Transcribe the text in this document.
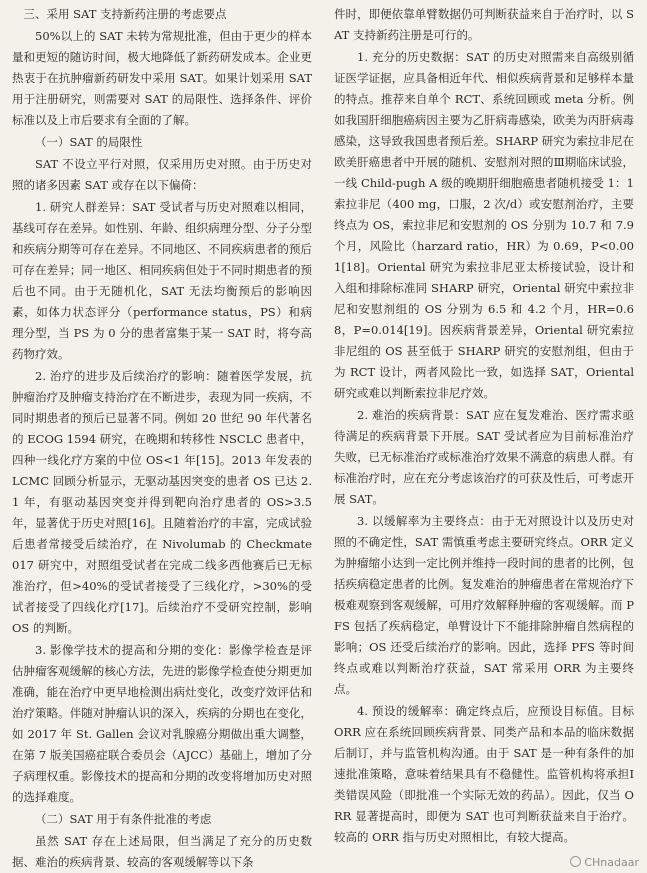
三、采用 SAT 支持新药注册的考虑要点

50%以上的 SAT 未转为常规批准，但由于更少的样本量和更短的随访时间，极大地降低了新药研发成本。企业更热衷于在抗肿瘤新药研发中采用 SAT。如果计划采用 SAT 用于注册研究，则需要对 SAT 的局限性、选择条件、评价标准以及上市后要求有全面的了解。

（一）SAT 的局限性

SAT 不设立平行对照，仅采用历史对照。由于历史对照的诸多因素 SAT 或存在以下偏倚：

1. 研究人群差异：SAT 受试者与历史对照难以相同，基线可存在差异。如性别、年龄、组织病理分型、分子分型和疾病分期等可存在差异。不同地区、不同疾病患者的预后可存在差异；同一地区、相同疾病但处于不同时期患者的预后也不同。由于无随机化，SAT 无法均衡预后的影响因素，如体力状态评分（performance status，PS）和病理分型，当 PS 为 0 分的患者富集于某一 SAT 时，将夸高药物疗效。

2. 治疗的进步及后续治疗的影响：随着医学发展，抗肿瘤治疗及肿瘤支持治疗在不断进步，表现为同一疾病，不同时期患者的预后已显著不同。例如 20 世纪 90 年代著名的 ECOG 1594 研究，在晚期和转移性 NSCLC 患者中，四种一线化疗方案的中位 OS<1 年[15]。2013 年发表的 LCMC 回顾分析显示，无驱动基因突变的患者 OS 已达 2.1 年，有驱动基因突变并得到靶向治疗患者的 OS>3.5 年，显著优于历史对照[16]。且随着治疗的丰富，完成试验后患者常接受后续治疗，在 Nivolumab 的 Checkmate 017 研究中，对照组受试者在完成二线多西他赛后已无标准治疗，但>40%的受试者接受了三线化疗，>30%的受试者接受了四线化疗[17]。后续治疗不受研究控制，影响 OS 的判断。

3. 影像学技术的提高和分期的变化：影像学检查是评估肿瘤客观缓解的核心方法，先进的影像学检查使分期更加准确，能在治疗中更早地检测出病灶变化，改变疗效评估和治疗策略。伴随对肿瘤认识的深入，疾病的分期也在变化，如 2017 年 St. Gallen 会议对乳腺癌分期做出重大调整，在第 7 版美国癌症联合委员会（AJCC）基础上，增加了分子病理权重。影像技术的提高和分期的改变将增加历史对照的选择难度。

（二）SAT 用于有条件批准的考虑

虽然 SAT 存在上述局限，但当满足了充分的历史数据、难治的疾病背景、较高的客观缓解等以下条

件时，即便依靠单臂数据仍可判断获益来自于治疗时，以 SAT 支持新药注册是可行的。

1. 充分的历史数据：SAT 的历史对照需来自高级别循证医学证据，应具备相近年代、相似疾病背景和足够样本量的特点。推荐来自单个 RCT、系统回顾或 meta 分析。例如我国肝细胞癌病因主要为乙肝病毒感染，欧美为丙肝病毒感染，这导致我国患者预后差。SHARP 研究为索拉非尼在欧美肝癌患者中开展的随机、安慰剂对照的Ⅲ期临床试验，一线 Child-pugh A 级的晚期肝细胞癌患者随机接受 1：1 索拉非尼（400 mg，口服，2 次/d）或安慰剂治疗，主要终点为 OS，索拉非尼和安慰剂的 OS 分别为 10.7 和 7.9 个月，风险比（harzard ratio，HR）为 0.69，P<0.001[18]。Oriental 研究为索拉非尼亚太桥接试验，设计和入组和排除标准同 SHARP 研究，Oriental 研究中索拉非尼和安慰剂组的 OS 分别为 6.5 和 4.2 个月，HR=0.68，P=0.014[19]。因疾病背景差异，Oriental 研究索拉非尼组的 OS 甚至低于 SHARP 研究的安慰剂组，但由于为 RCT 设计，两者风险比一致，如选择 SAT，Oriental 研究或难以判断索拉非尼疗效。

2. 难治的疾病背景：SAT 应在复发难治、医疗需求亟待满足的疾病背景下开展。SAT 受试者应为目前标准治疗失败，已无标准治疗或标准治疗效果不满意的病患人群。有标准治疗时，应在充分考虑该治疗的可获及性后，可考虑开展 SAT。

3. 以缓解率为主要终点：由于无对照设计以及历史对照的不确定性，SAT 需慎重考虑主要研究终点。ORR 定义为肿瘤缩小达到一定比例并维持一段时间的患者的比例，包括疾病稳定患者的比例。复发难治的肿瘤患者在常规治疗下极难观察到客观缓解，可用疗效解释肿瘤的客观缓解。而 PFS 包括了疾病稳定，单臂设计下不能排除肿瘤自然病程的影响；OS 还受后续治疗的影响。因此，选择 PFS 等时间终点或难以判断治疗获益，SAT 常采用 ORR 为主要终点。

4. 预设的缓解率：确定终点后，应预设目标值。目标 ORR 应在系统回顾疾病背景、同类产品和本品的临床数据后制订，并与监管机构沟通。由于 SAT 是一种有条件的加速批准策略，意味着结果具有不稳健性。监管机构将承担Ⅰ类错误风险（即批准一个实际无效的药品）。因此，仅当 ORR 显著提高时，即便为 SAT 也可判断获益来自于治疗。较高的 ORR 指与历史对照相比，有较大提高。

CHnadaar
